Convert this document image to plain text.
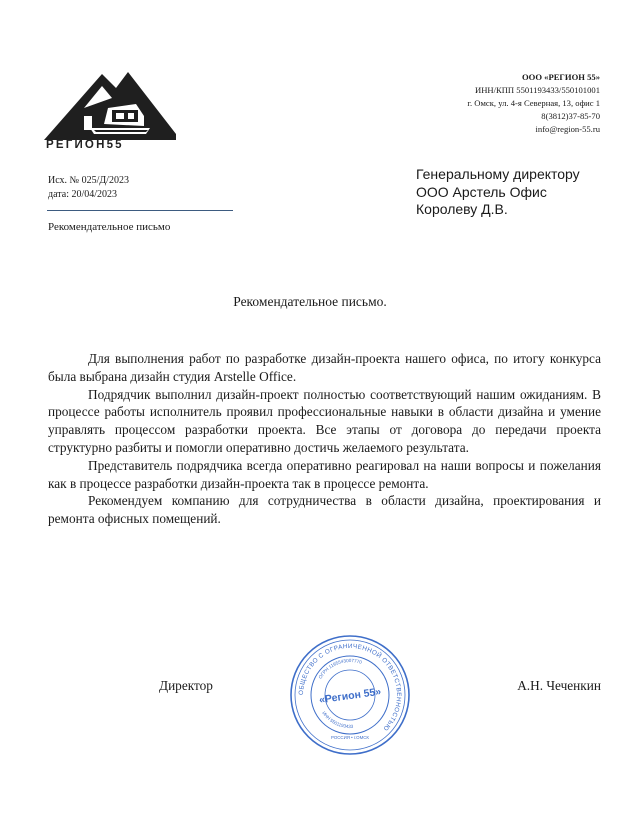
РЕГИОН55
ООО «РЕГИОН 55»
ИНН/КПП 5501193433/550101001
г. Омск, ул. 4-я Северная, 13, офис 1
8(3812)37-85-70
info@region-55.ru
Исх. № 025/Д/2023
дата: 20/04/2023
Рекомендательное письмо
Генеральному директору
ООО Арстель Офис
Королеву Д.В.
Рекомендательное письмо.

Для выполнения работ по разработке дизайн-проекта нашего офиса, по итогу конкурса была выбрана дизайн студия Arstelle Office.

Подрядчик выполнил дизайн-проект полностью соответствующий нашим ожиданиям. В процессе работы исполнитель проявил профессиональные навыки в области дизайна и умение управлять процессом разработки проекта. Все этапы от договора до передачи проекта структурно разбиты и помогли оперативно достичь желаемого результата.

Представитель подрядчика всегда оперативно реагировал на наши вопросы и пожелания как в процессе разработки дизайн-проекта так в процессе ремонта.

Рекомендуем компанию для сотрудничества в области дизайна, проектирования и ремонта офисных помещений.

Директор	А.Н. Чеченкин
ОБЩЕСТВО С ОГРАНИЧЕННОЙ ОТВЕТСТВЕННОСТЬЮ
ОГРН 1195543007770
ИНН 5501193433
РОССИЯ • г.ОМСК
«Регион 55»
